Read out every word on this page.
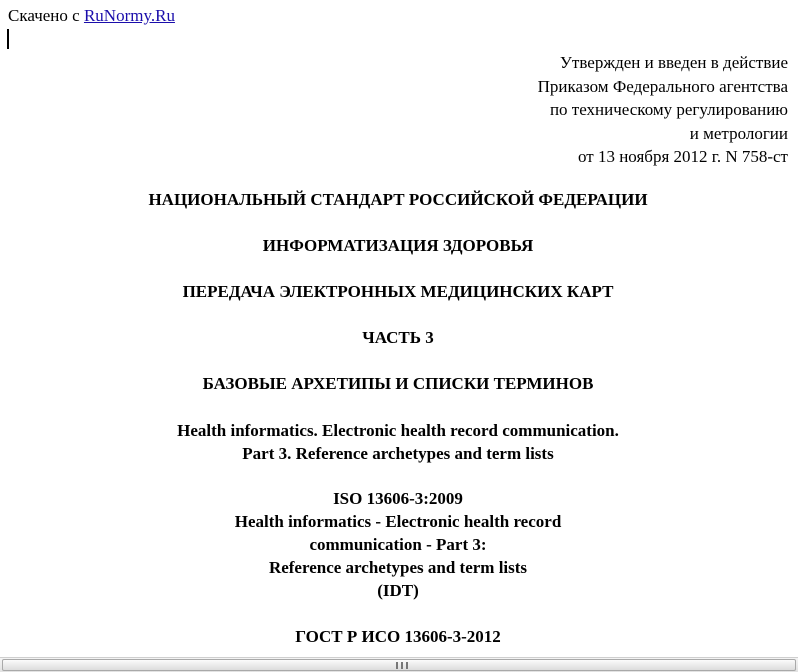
Скачено с RuNormy.Ru
Утвержден и введен в действие
Приказом Федерального агентства
по техническому регулированию
и метрологии
от 13 ноября 2012 г. N 758-ст
НАЦИОНАЛЬНЫЙ СТАНДАРТ РОССИЙСКОЙ ФЕДЕРАЦИИ
ИНФОРМАТИЗАЦИЯ ЗДОРОВЬЯ
ПЕРЕДАЧА ЭЛЕКТРОННЫХ МЕДИЦИНСКИХ КАРТ
ЧАСТЬ 3
БАЗОВЫЕ АРХЕТИПЫ И СПИСКИ ТЕРМИНОВ
Health informatics. Electronic health record communication.
Part 3. Reference archetypes and term lists
ISO 13606-3:2009
Health informatics - Electronic health record
communication - Part 3:
Reference archetypes and term lists
(IDT)
ГОСТ Р ИСО 13606-3-2012
